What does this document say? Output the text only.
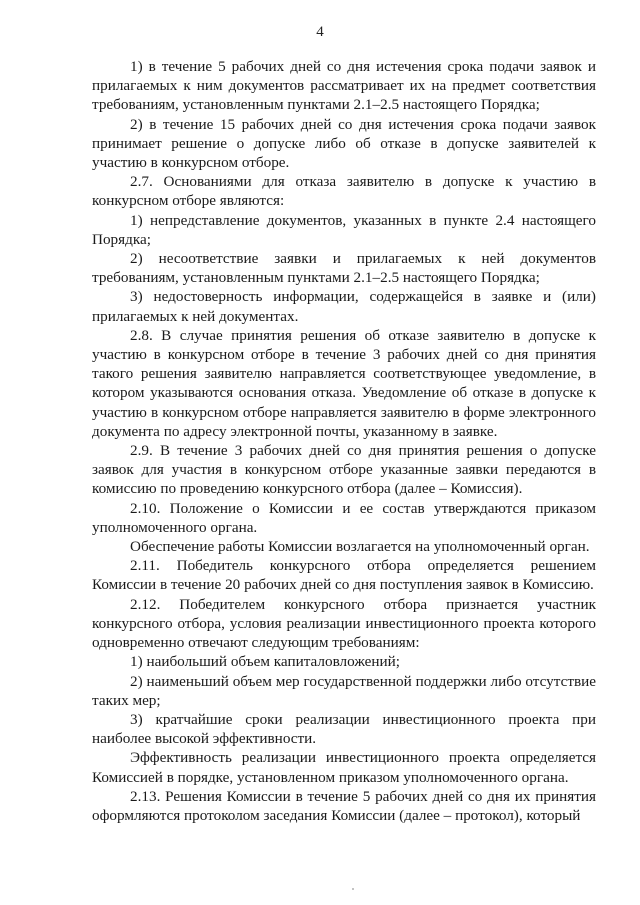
4

1) в течение 5 рабочих дней со дня истечения срока подачи заявок и прилагаемых к ним документов рассматривает их на предмет соответствия требованиям, установленным пунктами 2.1–2.5 настоящего Порядка;

2) в течение 15 рабочих дней со дня истечения срока подачи заявок принимает решение о допуске либо об отказе в допуске заявителей к участию в конкурсном отборе.

2.7. Основаниями для отказа заявителю в допуске к участию в конкурсном отборе являются:

1) непредставление документов, указанных в пункте 2.4 настоящего Порядка;

2) несоответствие заявки и прилагаемых к ней документов требованиям, установленным пунктами 2.1–2.5 настоящего Порядка;

3) недостоверность информации, содержащейся в заявке и (или) прилагаемых к ней документах.

2.8. В случае принятия решения об отказе заявителю в допуске к участию в конкурсном отборе в течение 3 рабочих дней со дня принятия такого решения заявителю направляется соответствующее уведомление, в котором указываются основания отказа. Уведомление об отказе в допуске к участию в конкурсном отборе направляется заявителю в форме электронного документа по адресу электронной почты, указанному в заявке.

2.9. В течение 3 рабочих дней со дня принятия решения о допуске заявок для участия в конкурсном отборе указанные заявки передаются в комиссию по проведению конкурсного отбора (далее – Комиссия).

2.10. Положение о Комиссии и ее состав утверждаются приказом уполномоченного органа.

Обеспечение работы Комиссии возлагается на уполномоченный орган.

2.11. Победитель конкурсного отбора определяется решением Комиссии в течение 20 рабочих дней со дня поступления заявок в Комиссию.

2.12. Победителем конкурсного отбора признается участник конкурсного отбора, условия реализации инвестиционного проекта которого одновременно отвечают следующим требованиям:

1) наибольший объем капиталовложений;

2) наименьший объем мер государственной поддержки либо отсутствие таких мер;

3) кратчайшие сроки реализации инвестиционного проекта при наиболее высокой эффективности.

Эффективность реализации инвестиционного проекта определяется Комиссией в порядке, установленном приказом уполномоченного органа.

2.13. Решения Комиссии в течение 5 рабочих дней со дня их принятия оформляются протоколом заседания Комиссии (далее – протокол), который
